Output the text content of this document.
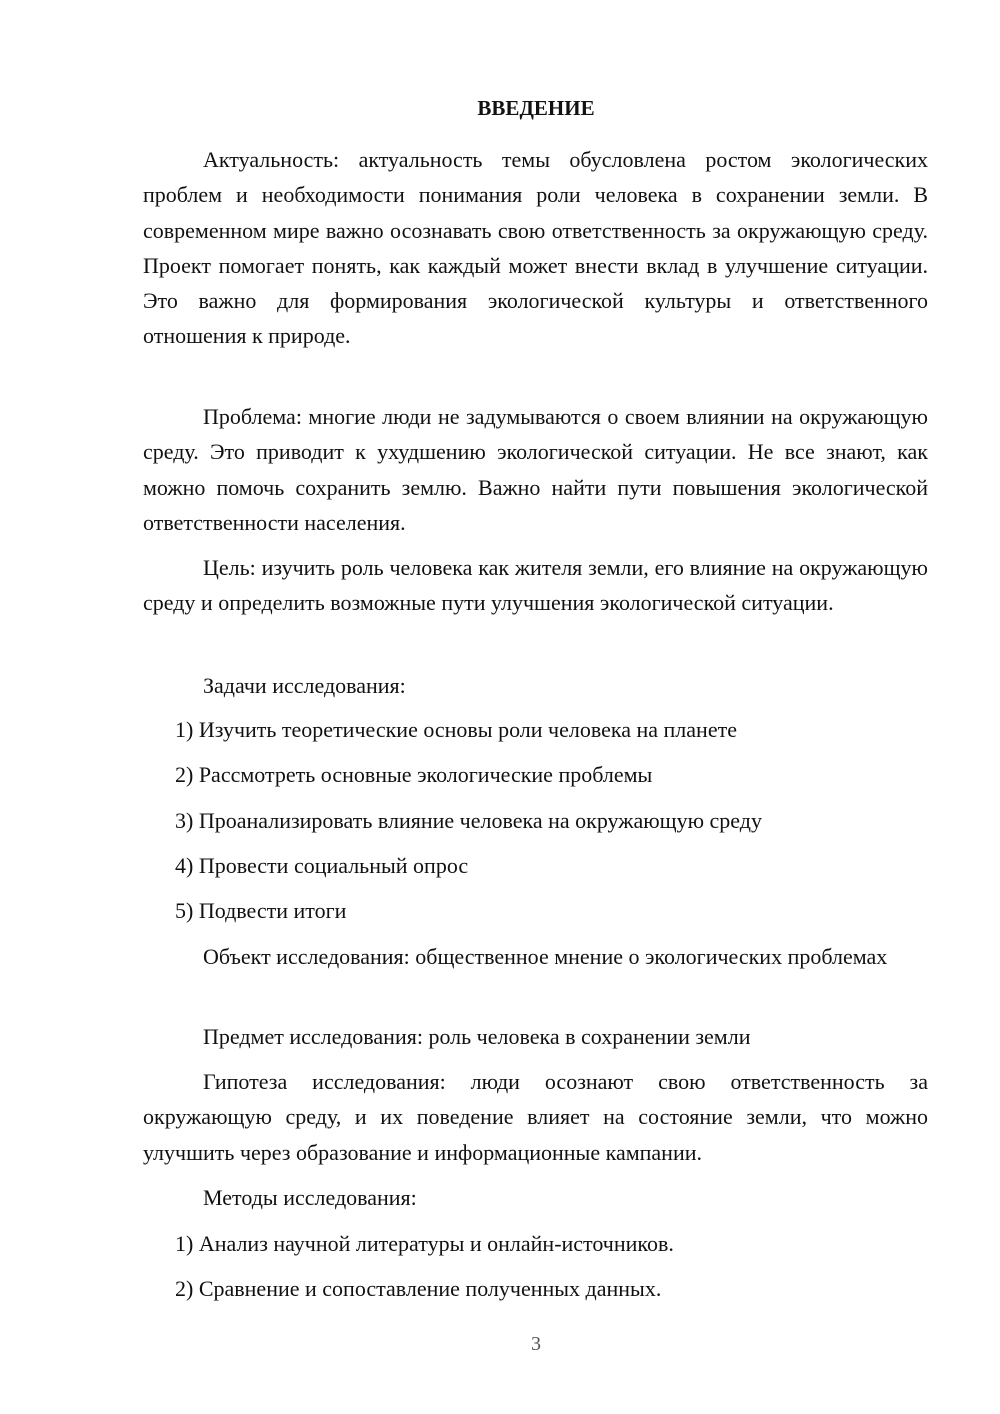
ВВЕДЕНИЕ

Актуальность: актуальность темы обусловлена ростом экологических проблем и необходимости понимания роли человека в сохранении земли. В современном мире важно осознавать свою ответственность за окружающую среду. Проект помогает понять, как каждый может внести вклад в улучшение ситуации. Это важно для формирования экологической культуры и ответственного отношения к природе.

Проблема: многие люди не задумываются о своем влиянии на окружающую среду. Это приводит к ухудшению экологической ситуации. Не все знают, как можно помочь сохранить землю. Важно найти пути повышения экологической ответственности населения.

Цель: изучить роль человека как жителя земли, его влияние на окружающую среду и определить возможные пути улучшения экологической ситуации.

Задачи исследования:
1) Изучить теоретические основы роли человека на планете
2) Рассмотреть основные экологические проблемы
3) Проанализировать влияние человека на окружающую среду
4) Провести социальный опрос
5) Подвести итоги

Объект исследования: общественное мнение о экологических проблемах

Предмет исследования: роль человека в сохранении земли

Гипотеза исследования: люди осознают свою ответственность за окружающую среду, и их поведение влияет на состояние земли, что можно улучшить через образование и информационные кампании.

Методы исследования:
1) Анализ научной литературы и онлайн-источников.
2) Сравнение и сопоставление полученных данных.
3
